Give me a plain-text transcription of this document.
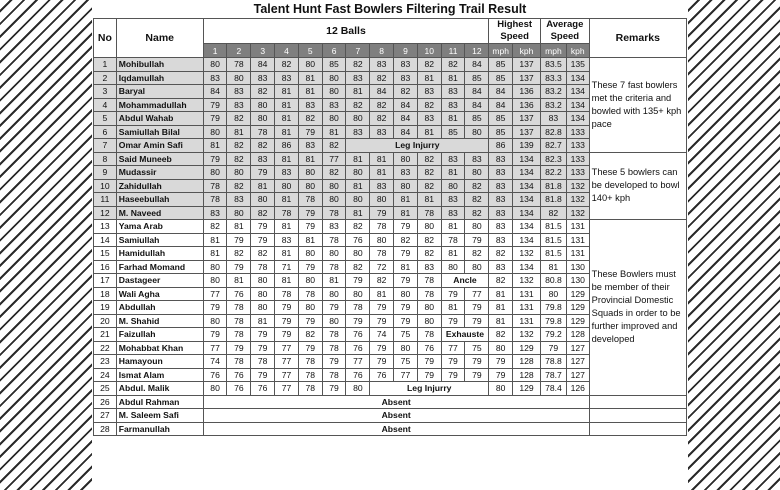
Talent Hunt Fast Bowlers Filtering Trail Result
No	Name	12 Balls												Highest Speed		Average Speed		Remarks
		1	2	3	4	5	6	7	8	9	10	11	12	mph	kph	mph	kph	
1	Mohibullah	80	78	84	82	80	85	82	83	83	82	82	84	85	137	83.5	135	These 7 fast bowlers met the criteria and bowled with 135+ kph pace
2	Iqdamullah	83	80	83	83	81	80	83	82	83	81	81	85	85	137	83.3	134	
3	Baryal	84	83	82	81	81	80	81	84	82	83	83	84	84	136	83.2	134	
4	Mohammadullah	79	83	80	81	83	83	82	82	84	82	83	84	84	136	83.2	134	
5	Abdul Wahab	79	82	80	81	82	80	80	82	84	83	81	85	85	137	83	134	
6	Samiullah Bilal	80	81	78	81	79	81	83	83	84	81	85	80	85	137	82.8	133	
7	Omar Amin Safi	81	82	82	86	83	82	Leg Injurry						86	139	82.7	133	
8	Said Muneeb	79	82	83	81	81	77	81	81	80	82	83	83	83	134	82.3	133	These 5 bowlers can be developed to bowl 140+ kph
9	Mudassir	80	80	79	83	80	82	80	81	83	82	81	80	83	134	82.2	133	
10	Zahidullah	78	82	81	80	80	80	81	83	80	82	80	82	83	134	81.8	132	
11	Haseebullah	78	83	80	81	78	80	80	80	81	81	83	82	83	134	81.8	132	
12	M. Naveed	83	80	82	78	79	78	81	79	81	78	83	82	83	134	82	132	
13	Yama Arab	82	81	79	81	79	83	82	78	79	80	81	80	83	134	81.5	131	These Bowlers must be member of their Provincial Domestic Squads in order to be further improved and developed
14	Samiullah	81	79	79	83	81	78	76	80	82	82	78	79	83	134	81.5	131	
15	Hamidullah	81	82	82	81	80	80	80	78	79	82	81	82	82	132	81.5	131	
16	Farhad Momand	80	79	78	71	79	78	82	72	81	83	80	80	83	134	81	130	
17	Dastageer	80	81	80	81	80	81	79	82	79	78	Ancle		82	132	80.8	130	
18	Wali Agha	77	76	80	78	78	80	80	81	80	78	79	77	81	131	80	129	
19	Abdullah	79	78	80	79	80	79	78	79	79	80	81	79	81	131	79.8	129	
20	M. Shahid	80	78	81	79	79	80	79	79	79	80	79	79	81	131	79.8	129	
21	Faizullah	79	78	79	79	82	78	76	74	75	78	Exhauste		82	132	79.2	128	
22	Mohabbat Khan	77	79	79	77	79	78	76	79	80	76	77	75	80	129	79	127	
23	Hamayoun	74	78	78	77	78	79	77	79	75	79	79	79	79	128	78.8	127	
24	Ismat Alam	76	76	79	77	78	78	76	76	77	79	79	79	79	128	78.7	127	
25	Abdul. Malik	80	76	76	77	78	79	80	Leg Injurry					80	129	78.4	126	
26	Abdul Rahman	Absent																
27	M. Saleem Safi	Absent																
28	Farmanullah	Absent																
